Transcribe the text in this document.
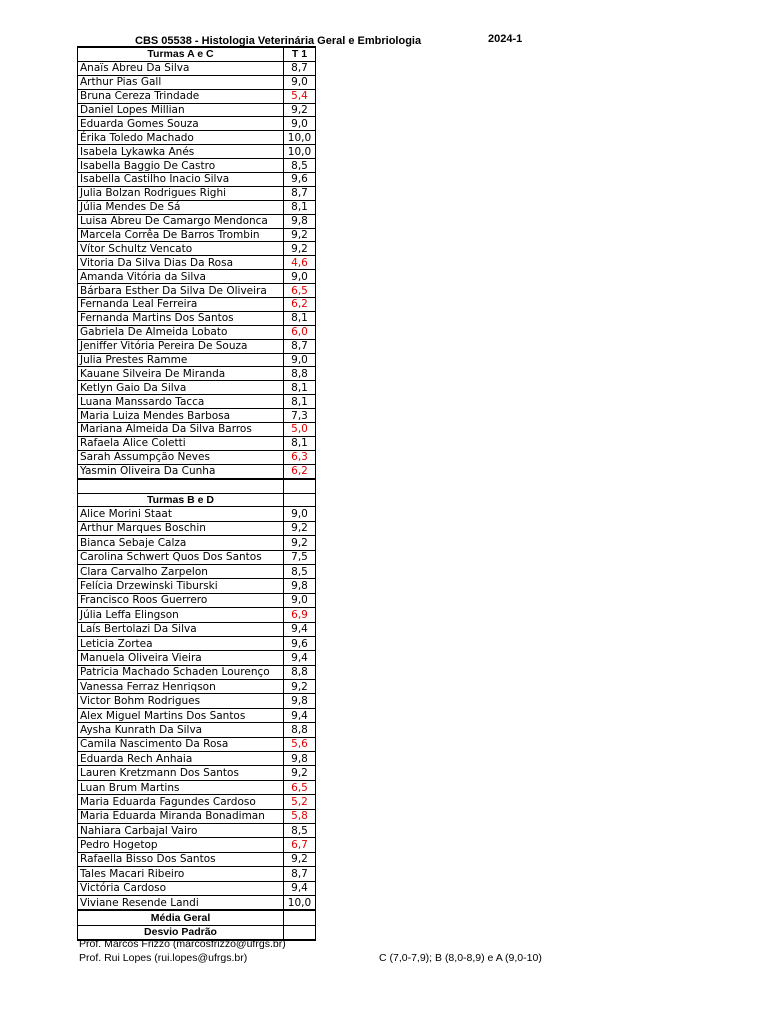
CBS 05538 - Histologia Veterinária Geral e Embriologia	2024-1
Turmas A e C	T 1
Anaïs Abreu Da Silva	8,7
Arthur Pias Gall	9,0
Bruna Cereza Trindade	5,4
Daniel Lopes Millian	9,2
Eduarda Gomes Souza	9,0
Érika Toledo Machado	10,0
Isabela Lykawka Anés	10,0
Isabella Baggio De Castro	8,5
Isabella Castilho Inacio Silva	9,6
Julia Bolzan Rodrigues Righi	8,7
Júlia Mendes De Sá	8,1
Luisa Abreu De Camargo Mendonca	9,8
Marcela Corrêa De Barros Trombin	9,2
Vítor Schultz Vencato	9,2
Vitoria Da Silva Dias Da Rosa	4,6
Amanda Vitória da Silva	9,0
Bárbara Esther Da Silva De Oliveira	6,5
Fernanda Leal Ferreira	6,2
Fernanda Martins Dos Santos	8,1
Gabriela De Almeida Lobato	6,0
Jeniffer Vitória Pereira De Souza	8,7
Julia Prestes Ramme	9,0
Kauane Silveira De Miranda	8,8
Ketlyn Gaio Da Silva	8,1
Luana Manssardo Tacca	8,1
Maria Luiza Mendes Barbosa	7,3
Mariana Almeida Da Silva Barros	5,0
Rafaela Alice Coletti	8,1
Sarah Assumpção Neves	6,3
Yasmin Oliveira Da Cunha	6,2

Turmas B e D	
Alice Morini Staat	9,0
Arthur Marques Boschin	9,2
Bianca Sebaje Calza	9,2
Carolina Schwert Quos Dos Santos	7,5
Clara Carvalho Zarpelon	8,5
Felícia Drzewinski Tiburski	9,8
Francisco Roos Guerrero	9,0
Júlia Leffa Elingson	6,9
Laís Bertolazi Da Silva	9,4
Leticia Zortea	9,6
Manuela Oliveira Vieira	9,4
Patricia Machado Schaden Lourenço	8,8
Vanessa Ferraz Henriqson	9,2
Victor Bohm Rodrigues	9,8
Alex Miguel Martins Dos Santos	9,4
Aysha Kunrath Da Silva	8,8
Camila Nascimento Da Rosa	5,6
Eduarda Rech Anhaia	9,8
Lauren Kretzmann Dos Santos	9,2
Luan Brum Martins	6,5
Maria Eduarda Fagundes Cardoso	5,2
Maria Eduarda Miranda Bonadiman	5,8
Nahiara Carbajal Vairo	8,5
Pedro Hogetop	6,7
Rafaella Bisso Dos Santos	9,2
Tales Macari Ribeiro	8,7
Victória Cardoso	9,4
Viviane Resende Landi	10,0
Média Geral	
Desvio Padrão	
Prof. Marcos Frizzo (marcosfrizzo@ufrgs.br)
Prof. Rui Lopes (rui.lopes@ufrgs.br)	C (7,0-7,9); B (8,0-8,9) e A (9,0-10)
